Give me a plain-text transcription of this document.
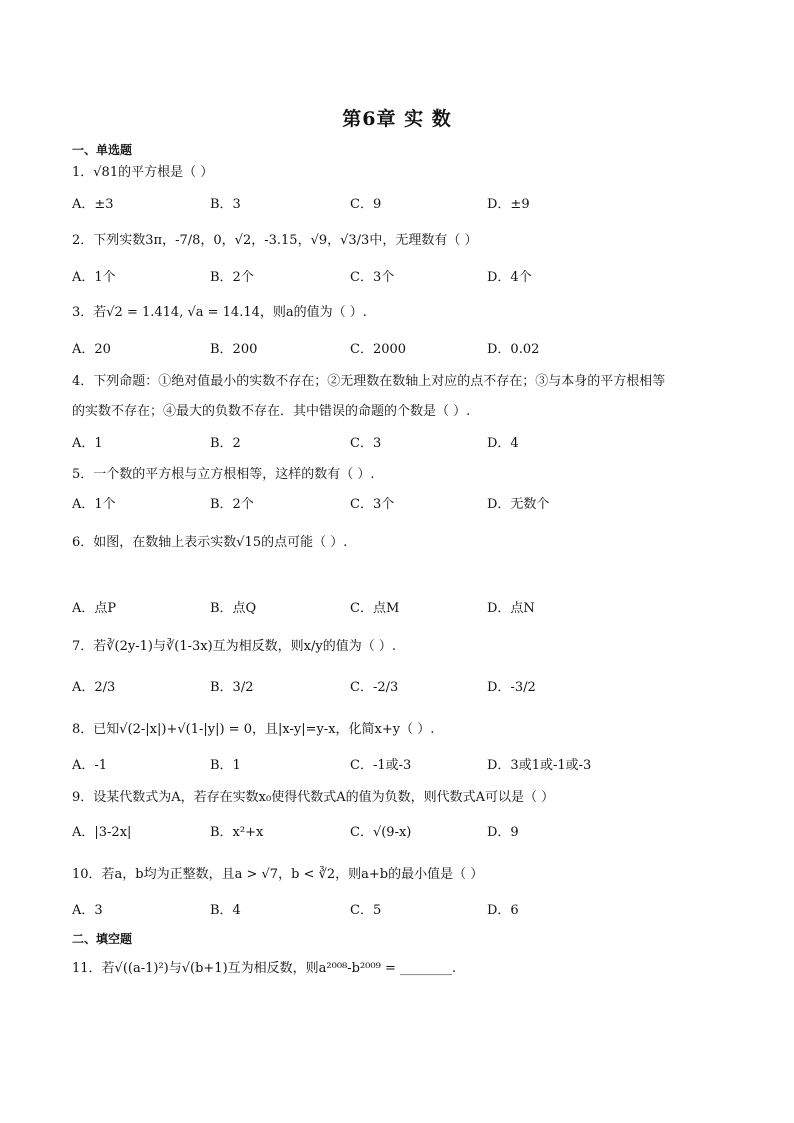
第6章 实 数
一、单选题
1．√81的平方根是（ ）
A．±3	B．3	C．9	D．±9
2．下列实数3π，-7/8，0，√2，-3.15，√9，√3/3中，无理数有（ ）
A．1个	B．2个	C．3个	D．4个
3．若√2 = 1.414, √a = 14.14，则a的值为（ ）.
A．20	B．200	C．2000	D．0.02
4．下列命题：①绝对值最小的实数不存在；②无理数在数轴上对应的点不存在；③与本身的平方根相等
的实数不存在；④最大的负数不存在．其中错误的命题的个数是（ ）.
A．1	B．2	C．3	D．4
5．一个数的平方根与立方根相等，这样的数有（ ）.
A．1个	B．2个	C．3个	D．无数个
6．如图，在数轴上表示实数√15的点可能（ ）.
A．点P	B．点Q	C．点M	D．点N
7．若∛(2y-1)与∛(1-3x)互为相反数，则x/y的值为（ ）.
A．2/3	B．3/2	C．-2/3	D．-3/2
8．已知√(2-|x|)+√(1-|y|) = 0，且|x-y|=y-x，化简x+y（ ）.
A．-1	B．1	C．-1或-3	D．3或1或-1或-3
9．设某代数式为A，若存在实数x₀使得代数式A的值为负数，则代数式A可以是（ ）
A．|3-2x|	B．x²+x	C．√(9-x)	D．9
10．若a，b均为正整数，且a > √7，b < ∛2，则a+b的最小值是（ ）
A．3	B．4	C．5	D．6
二、填空题
11．若√((a-1)²)与√(b+1)互为相反数，则a²⁰⁰⁸-b²⁰⁰⁹ = ________.
